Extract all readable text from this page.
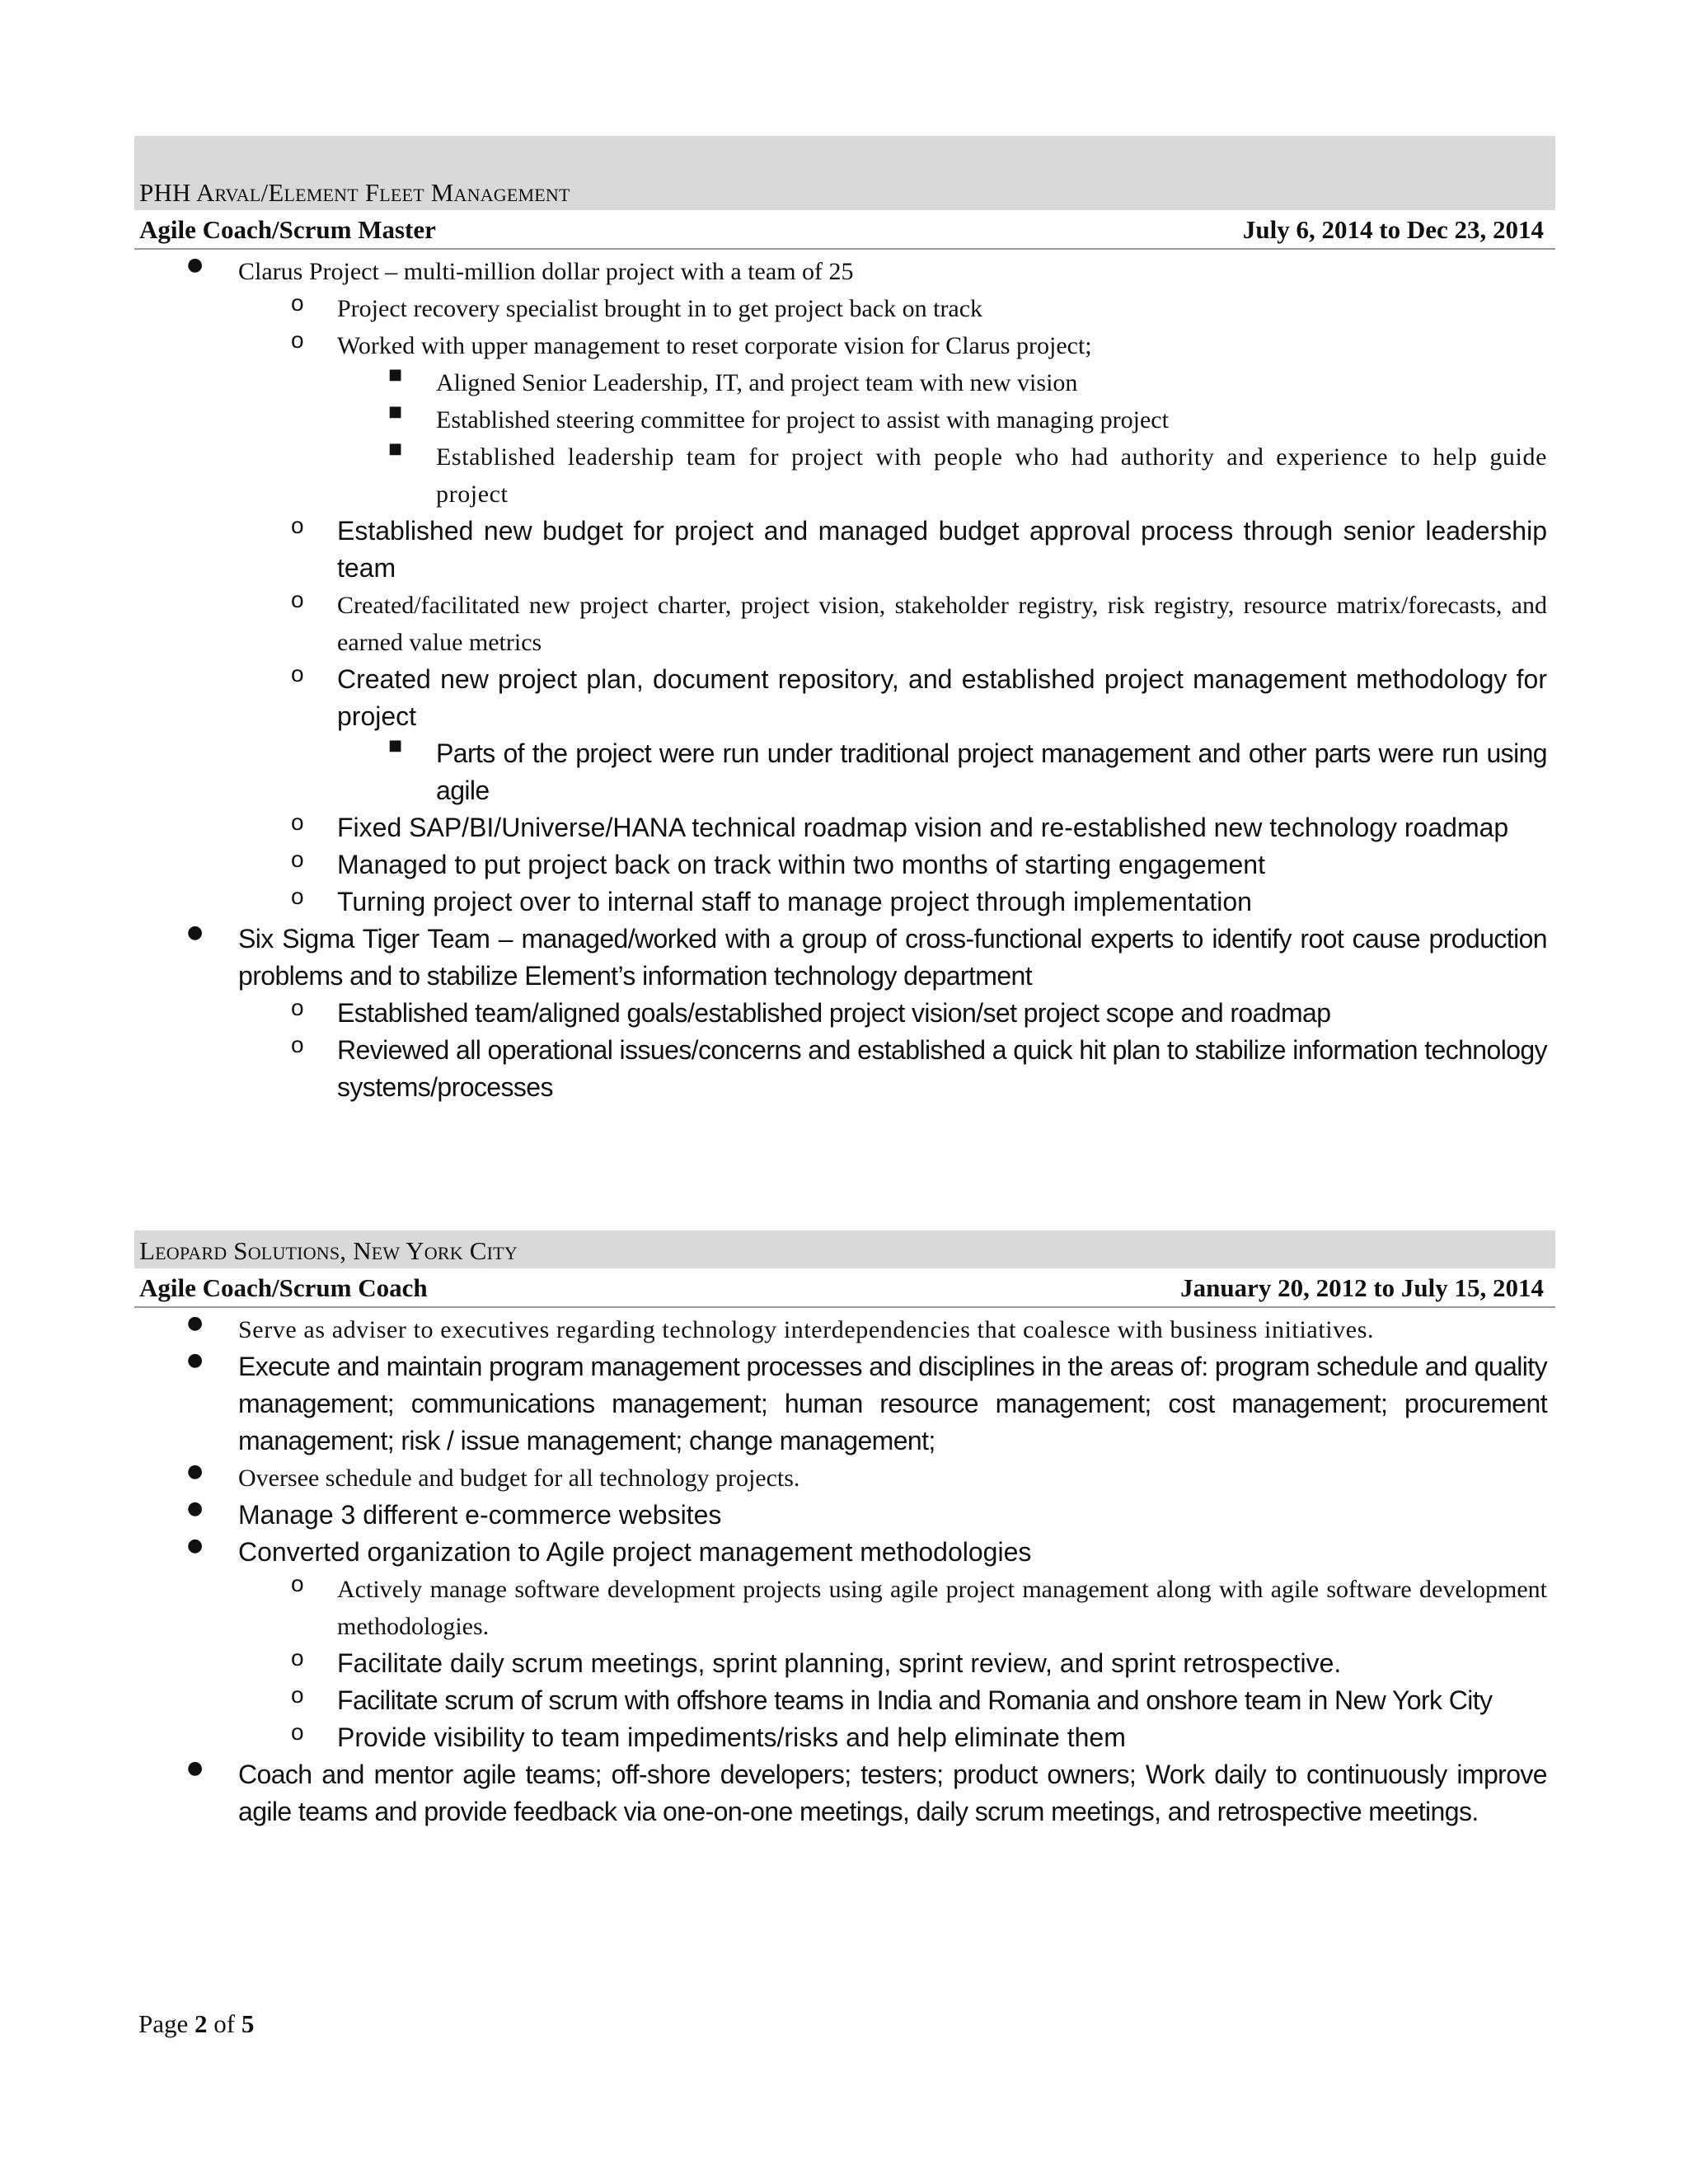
PHH Arval/Element Fleet Management
Agile Coach/Scrum Master	July 6, 2014 to Dec 23, 2014
● Clarus Project – multi-million dollar project with a team of 25
o Project recovery specialist brought in to get project back on track
o Worked with upper management to reset corporate vision for Clarus project;
■ Aligned Senior Leadership, IT, and project team with new vision
■ Established steering committee for project to assist with managing project
■ Established leadership team for project with people who had authority and experience to help guide project
o Established new budget for project and managed budget approval process through senior leadership team
o Created/facilitated new project charter, project vision, stakeholder registry, risk registry, resource matrix/forecasts, and earned value metrics
o Created new project plan, document repository, and established project management methodology for project
■ Parts of the project were run under traditional project management and other parts were run using agile
o Fixed SAP/BI/Universe/HANA technical roadmap vision and re-established new technology roadmap
o Managed to put project back on track within two months of starting engagement
o Turning project over to internal staff to manage project through implementation
● Six Sigma Tiger Team – managed/worked with a group of cross-functional experts to identify root cause production problems and to stabilize Element’s information technology department
o Established team/aligned goals/established project vision/set project scope and roadmap
o Reviewed all operational issues/concerns and established a quick hit plan to stabilize information technology systems/processes
Leopard Solutions, New York City
Agile Coach/Scrum Coach	January 20, 2012 to July 15, 2014
● Serve as adviser to executives regarding technology interdependencies that coalesce with business initiatives.
● Execute and maintain program management processes and disciplines in the areas of: program schedule and quality management; communications management; human resource management; cost management; procurement management; risk / issue management; change management;
● Oversee schedule and budget for all technology projects.
● Manage 3 different e-commerce websites
● Converted organization to Agile project management methodologies
o Actively manage software development projects using agile project management along with agile software development methodologies.
o Facilitate daily scrum meetings, sprint planning, sprint review, and sprint retrospective.
o Facilitate scrum of scrum with offshore teams in India and Romania and onshore team in New York City
o Provide visibility to team impediments/risks and help eliminate them
● Coach and mentor agile teams; off-shore developers; testers; product owners; Work daily to continuously improve agile teams and provide feedback via one-on-one meetings, daily scrum meetings, and retrospective meetings.
Page 2 of 5
